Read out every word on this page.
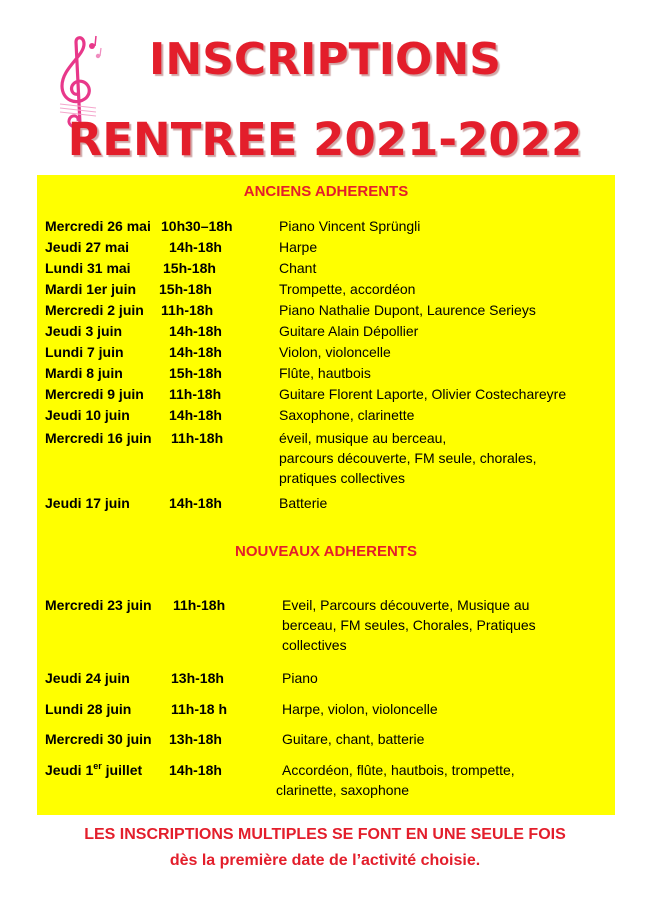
INSCRIPTIONS
RENTREE 2021-2022
ANCIENS ADHERENTS
Mercredi 26 mai 10h30–18h	Piano Vincent Sprüngli
Jeudi 27 mai	14h-18h	Harpe
Lundi 31 mai 15h-18h	Chant
Mardi 1er juin 15h-18h	Trompette, accordéon
Mercredi 2 juin 11h-18h	Piano Nathalie Dupont, Laurence Serieys
Jeudi 3 juin	14h-18h	Guitare Alain Dépollier
Lundi 7 juin	14h-18h	Violon, violoncelle
Mardi 8 juin	15h-18h	Flûte, hautbois
Mercredi 9 juin 11h-18h	Guitare Florent Laporte, Olivier Costechareyre
Jeudi 10 juin	14h-18h	Saxophone, clarinette
Mercredi 16 juin 11h-18h	éveil, musique au berceau,
parcours découverte, FM seule, chorales,
pratiques collectives
Jeudi 17 juin	14h-18h	Batterie
NOUVEAUX ADHERENTS
Mercredi 23 juin 11h-18h	Eveil, Parcours découverte, Musique au
berceau, FM seules, Chorales, Pratiques
collectives
Jeudi 24 juin	13h-18h	Piano
Lundi 28 juin	11h-18 h	Harpe, violon, violoncelle
Mercredi 30 juin 13h-18h	Guitare, chant, batterie
Jeudi 1er juillet 14h-18h	Accordéon, flûte, hautbois, trompette,
clarinette, saxophone
LES INSCRIPTIONS MULTIPLES SE FONT EN UNE SEULE FOIS
dès la première date de l’activité choisie.
